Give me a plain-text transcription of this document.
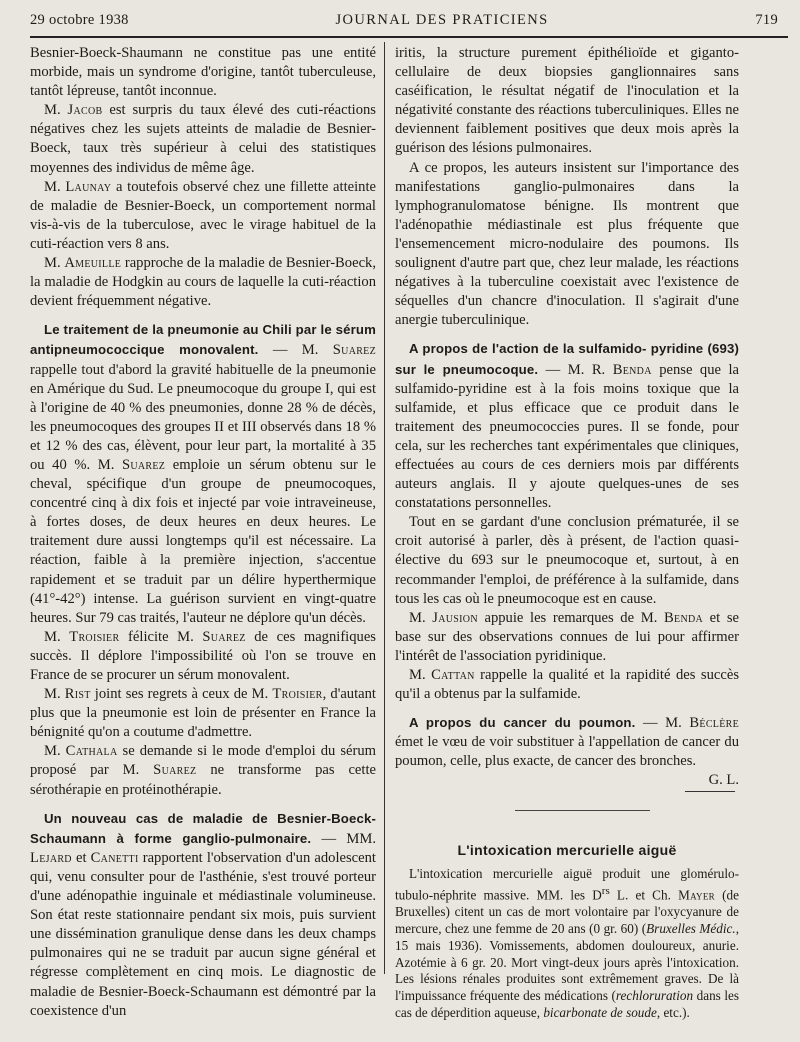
29 octobre 1938	JOURNAL DES PRATICIENS	719

Besnier-Boeck-Shaumann ne constitue pas une entité morbide, mais un syndrome d'origine, tantôt tuberculeuse, tantôt lépreuse, tantôt inconnue.

M. Jacob est surpris du taux élevé des cuti-réactions négatives chez les sujets atteints de maladie de Besnier-Boeck, taux très supérieur à celui des statistiques moyennes des individus de même âge.

M. Launay a toutefois observé chez une fillette atteinte de maladie de Besnier-Boeck, un comportement normal vis-à-vis de la tuberculose, avec le virage habituel de la cuti-réaction vers 8 ans.

M. Ameuille rapproche de la maladie de Besnier-Boeck, la maladie de Hodgkin au cours de laquelle la cuti-réaction devient fréquemment négative.

Le traitement de la pneumonie au Chili par le sérum antipneumococcique monovalent. — M. Suarez rappelle tout d'abord la gravité habituelle de la pneumonie en Amérique du Sud. Le pneumocoque du groupe I, qui est à l'origine de 40 % des pneumonies, donne 28 % de décès, les pneumocoques des groupes II et III observés dans 18 % et 12 % des cas, élèvent, pour leur part, la mortalité à 35 ou 40 %. M. Suarez emploie un sérum obtenu sur le cheval, spécifique d'un groupe de pneumocoques, concentré cinq à dix fois et injecté par voie intraveineuse, à fortes doses, de deux heures en deux heures. Le traitement dure aussi longtemps qu'il est nécessaire. La réaction, faible à la première injection, s'accentue rapidement et se traduit par un délire hyperthermique (41°-42°) intense. La guérison survient en vingt-quatre heures. Sur 79 cas traités, l'auteur ne déplore qu'un décès.

M. Troisier félicite M. Suarez de ces magnifiques succès. Il déplore l'impossibilité où l'on se trouve en France de se procurer un sérum monovalent.

M. Rist joint ses regrets à ceux de M. Troisier, d'autant plus que la pneumonie est loin de présenter en France la bénignité qu'on a coutume d'admettre.

M. Cathala se demande si le mode d'emploi du sérum proposé par M. Suarez ne transforme pas cette sérothérapie en protéinothérapie.

Un nouveau cas de maladie de Besnier-Boeck-Schaumann à forme ganglio-pulmonaire. — MM. Lejard et Canetti rapportent l'observation d'un adolescent qui, venu consulter pour de l'asthénie, s'est trouvé porteur d'une adénopathie inguinale et médiastinale volumineuse. Son état reste stationnaire pendant six mois, puis survient une dissémination granulique dense dans les deux champs pulmonaires qui ne se traduit par aucun signe général et régresse complètement en cinq mois. Le diagnostic de maladie de Besnier-Boeck-Schaumann est démontré par la coexistence d'un

iritis, la structure purement épithélioïde et giganto-cellulaire de deux biopsies ganglionnaires sans caséification, le résultat négatif de l'inoculation et la négativité constante des réactions tuberculiniques. Elles ne deviennent faiblement positives que deux mois après la guérison des lésions pulmonaires.

A ce propos, les auteurs insistent sur l'importance des manifestations ganglio-pulmonaires dans la lymphogranulomatose bénigne. Ils montrent que l'adénopathie médiastinale est plus fréquente que l'ensemencement micro-nodulaire des poumons. Ils soulignent d'autre part que, chez leur malade, les réactions négatives à la tuberculine coexistait avec l'existence de séquelles d'un chancre d'inoculation. Il s'agirait d'une anergie tuberculinique.

A propos de l'action de la sulfamido- pyridine (693) sur le pneumocoque. — M. R. Benda pense que la sulfamido-pyridine est à la fois moins toxique que la sulfamide, et plus efficace que ce produit dans le traitement des pneumococcies pures. Il se fonde, pour cela, sur les recherches tant expérimentales que cliniques, effectuées au cours de ces derniers mois par différents auteurs anglais. Il y ajoute quelques-unes de ses constatations personnelles.

Tout en se gardant d'une conclusion prématurée, il se croit autorisé à parler, dès à présent, de l'action quasi-élective du 693 sur le pneumocoque et, surtout, à en recommander l'emploi, de préférence à la sulfamide, dans tous les cas où le pneumocoque est en cause.

M. Jausion appuie les remarques de M. Benda et se base sur des observations connues de lui pour affirmer l'intérêt de l'association pyridinique.

M. Cattan rappelle la qualité et la rapidité des succès qu'il a obtenus par la sulfamide.

A propos du cancer du poumon. — M. Béclère émet le vœu de voir substituer à l'appellation de cancer du poumon, celle, plus exacte, de cancer des bronches.

G. L.

L'intoxication mercurielle aiguë

L'intoxication mercurielle aiguë produit une glomérulo-tubulo-néphrite massive. MM. les $D^{rs}$ L. et Ch. Mayer (de Bruxelles) citent un cas de mort volontaire par l'oxycyanure de mercure, chez une femme de 20 ans (0 gr. 60) (Bruxelles Médic., 15 mais 1936). Vomissements, abdomen douloureux, anurie. Azotémie à 6 gr. 20. Mort vingt-deux jours après l'intoxication. Les lésions rénales produites sont extrêmement graves. De là l'impuissance fréquente des médications (rechloruration dans les cas de déperdition aqueuse, bicarbonate de soude, etc.).
